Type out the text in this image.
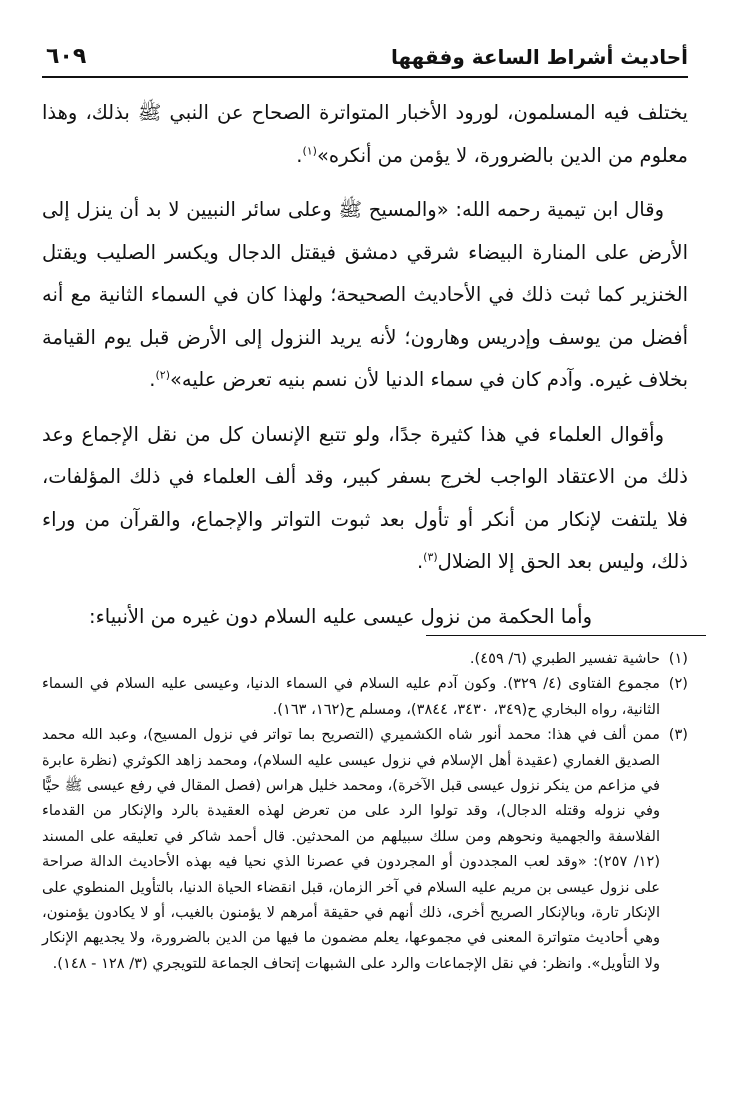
أحاديث أشراط الساعة وفقهها
٦٠٩

يختلف فيه المسلمون، لورود الأخبار المتواترة الصحاح عن النبي ﷺ بذلك، وهذا معلوم من الدين بالضرورة، لا يؤمن من أنكره»$^{(١)}$.

وقال ابن تيمية رحمه الله: «والمسيح ﷺ وعلى سائر النبيين لا بد أن ينزل إلى الأرض على المنارة البيضاء شرقي دمشق فيقتل الدجال ويكسر الصليب ويقتل الخنزير كما ثبت ذلك في الأحاديث الصحيحة؛ ولهذا كان في السماء الثانية مع أنه أفضل من يوسف وإدريس وهارون؛ لأنه يريد النزول إلى الأرض قبل يوم القيامة بخلاف غيره. وآدم كان في سماء الدنيا لأن نسم بنيه تعرض عليه»$^{(٢)}$.

وأقوال العلماء في هذا كثيرة جدًا، ولو تتبع الإنسان كل من نقل الإجماع وعد ذلك من الاعتقاد الواجب لخرج بسفر كبير، وقد ألف العلماء في ذلك المؤلفات، فلا يلتفت لإنكار من أنكر أو تأول بعد ثبوت التواتر والإجماع، والقرآن من وراء ذلك، وليس بعد الحق إلا الضلال$^{(٣)}$.

وأما الحكمة من نزول عيسى عليه السلام دون غيره من الأنبياء:

(١)
حاشية تفسير الطبري (٦/ ٤٥٩).

(٢)
مجموع الفتاوى (٤/ ٣٢٩). وكون آدم عليه السلام في السماء الدنيا، وعيسى عليه السلام في السماء الثانية، رواه البخاري ح(٣٤٩، ٣٤٣٠، ٣٨٤٤)، ومسلم ح(١٦٢، ١٦٣).

(٣)
ممن ألف في هذا: محمد أنور شاه الكشميري (التصريح بما تواتر في نزول المسيح)، وعبد الله محمد الصديق الغماري (عقيدة أهل الإسلام في نزول عيسى عليه السلام)، ومحمد زاهد الكوثري (نظرة عابرة في مزاعم من ينكر نزول عيسى قبل الآخرة)، ومحمد خليل هراس (فصل المقال في رفع عيسى ﷺ حيًّا وفي نزوله وقتله الدجال)، وقد تولوا الرد على من تعرض لهذه العقيدة بالرد والإنكار من القدماء الفلاسفة والجهمية ونحوهم ومن سلك سبيلهم من المحدثين. قال أحمد شاكر في تعليقه على المسند (١٢/ ٢٥٧): «وقد لعب المجددون أو المجردون في عصرنا الذي نحيا فيه بهذه الأحاديث الدالة صراحة على نزول عيسى بن مريم عليه السلام في آخر الزمان، قبل انقضاء الحياة الدنيا، بالتأويل المنطوي على الإنكار تارة، وبالإنكار الصريح أخرى، ذلك أنهم في حقيقة أمرهم لا يؤمنون بالغيب، أو لا يكادون يؤمنون، وهي أحاديث متواترة المعنى في مجموعها، يعلم مضمون ما فيها من الدين بالضرورة، ولا يجديهم الإنكار ولا التأويل». وانظر: في نقل الإجماعات والرد على الشبهات إتحاف الجماعة للتويجري (٣/ ١٢٨ - ١٤٨).
